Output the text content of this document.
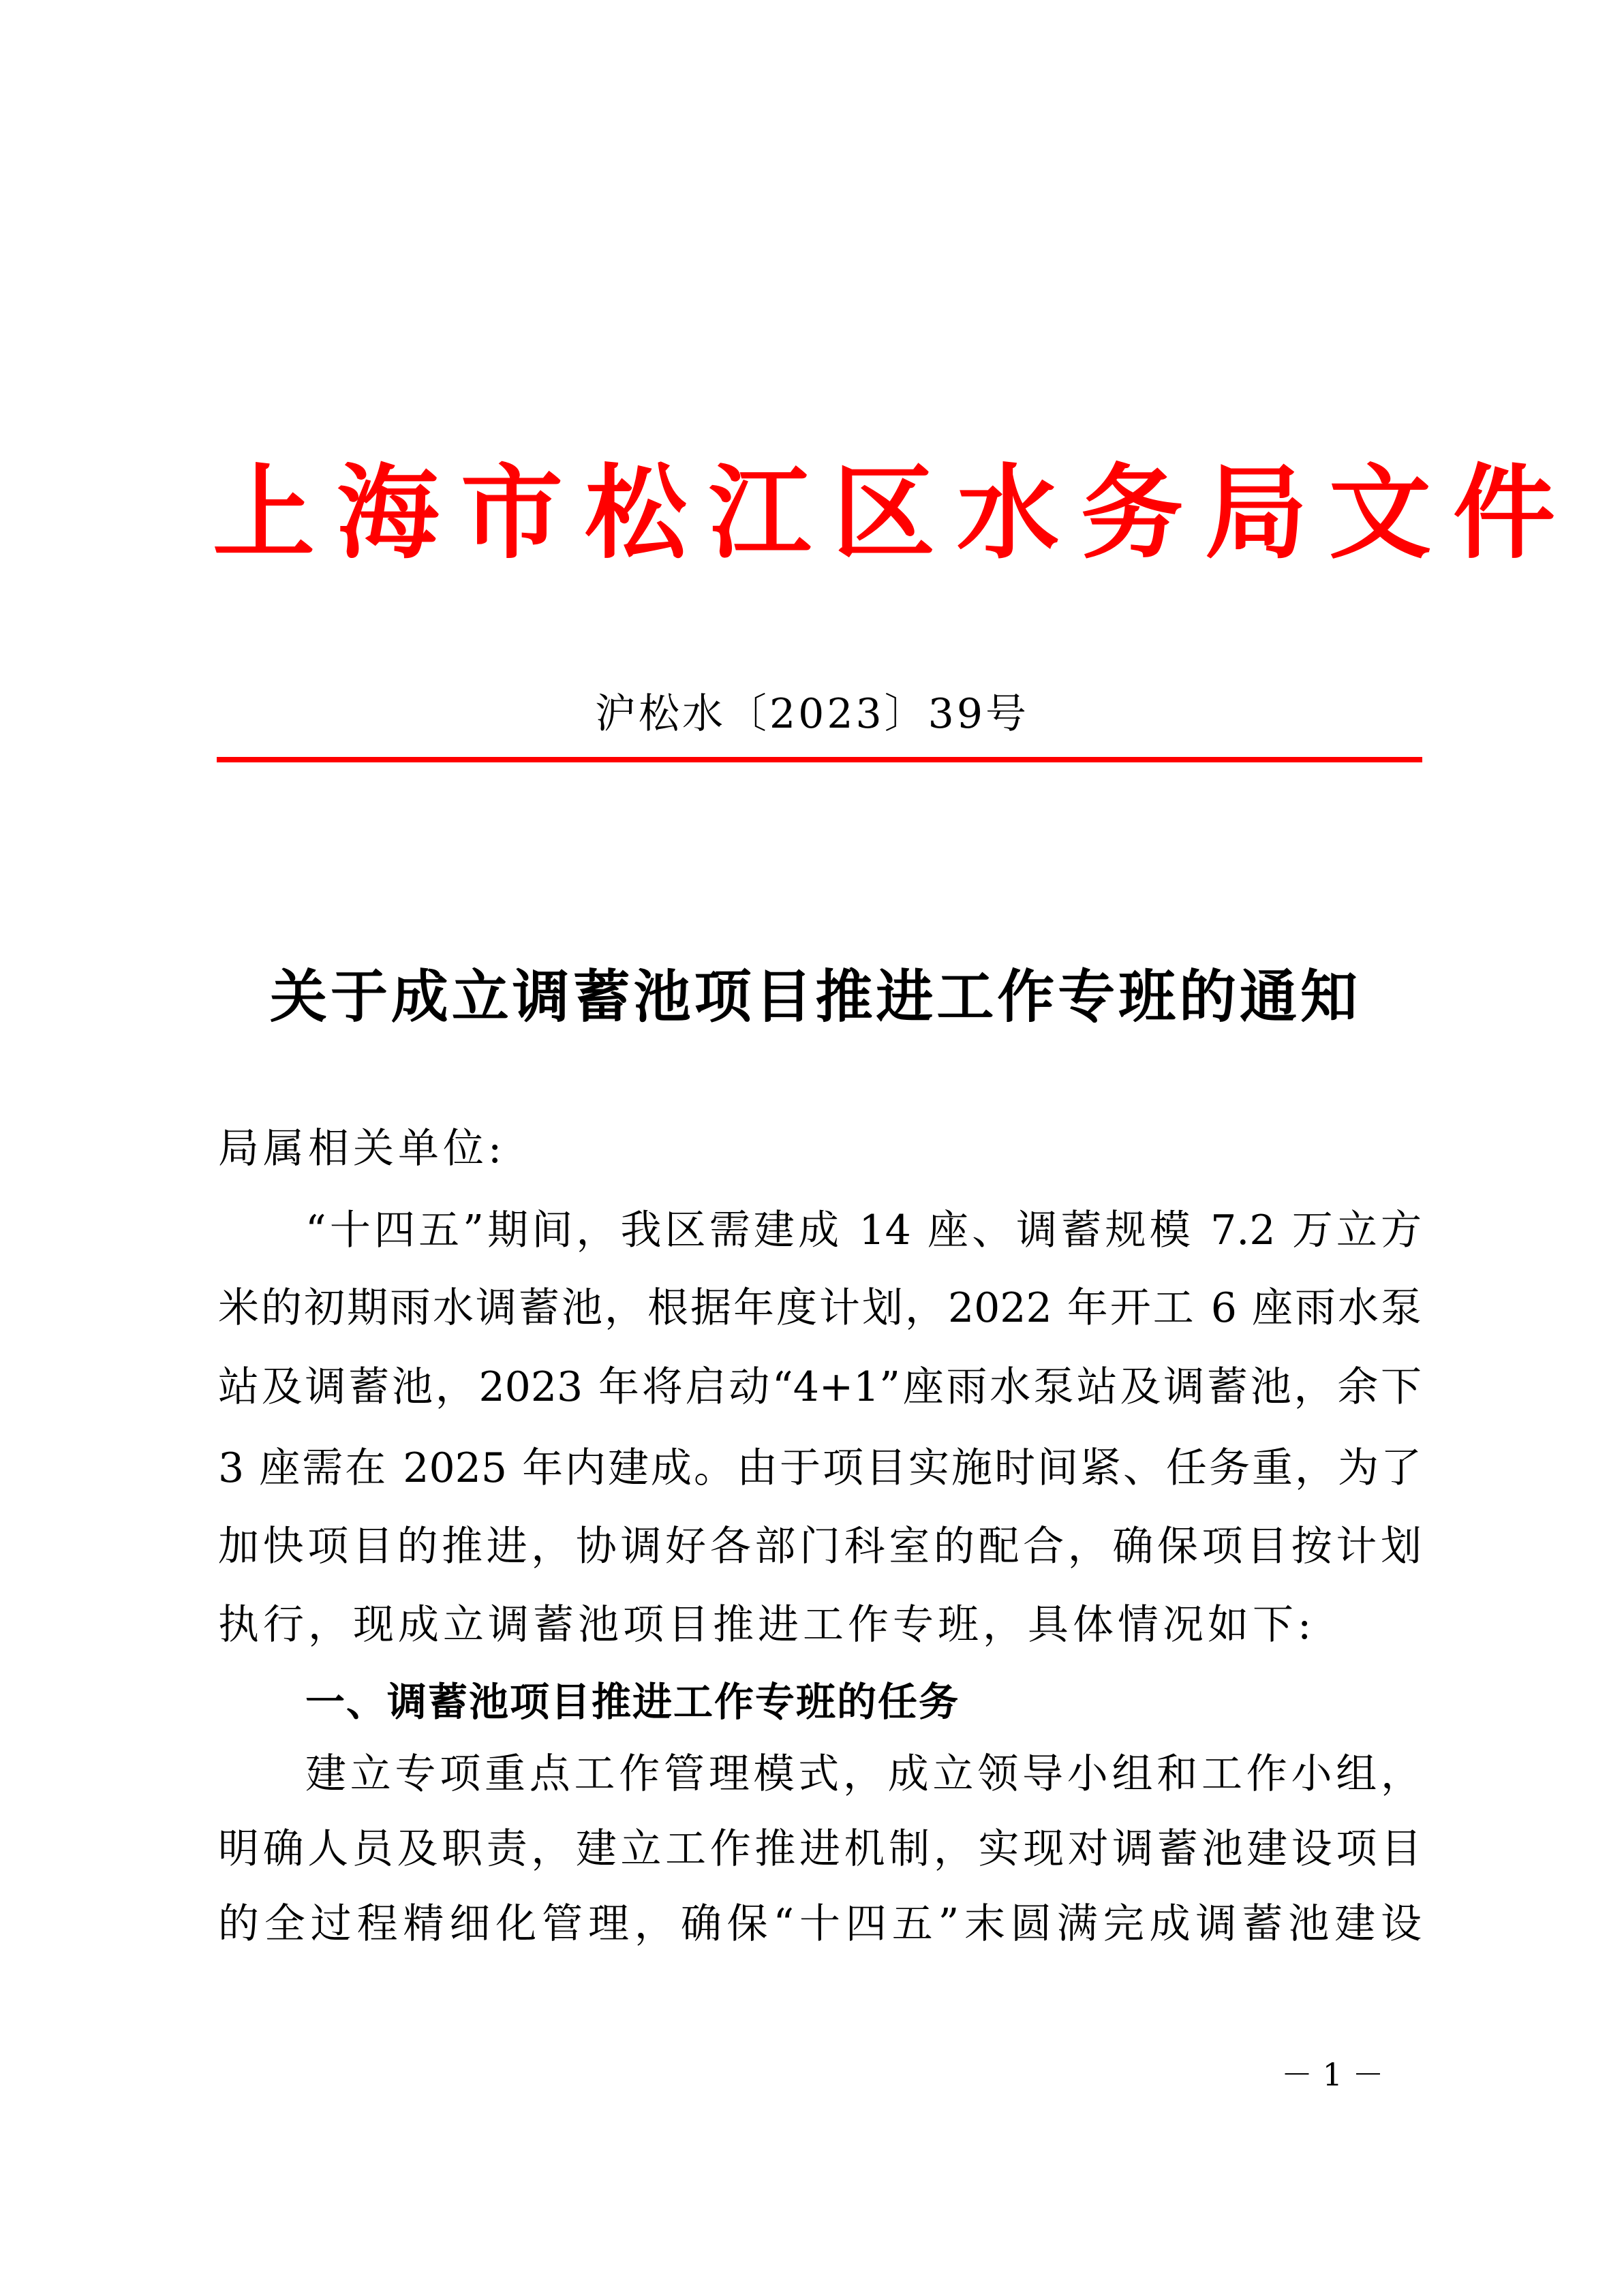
上海市松江区水务局文件
沪松水〔2023〕39号
关于成立调蓄池项目推进工作专班的通知
局属相关单位:
“十四五”期间，我区需建成 14 座、调蓄规模 7.2 万立方
米的初期雨水调蓄池，根据年度计划，2022 年开工 6 座雨水泵
站及调蓄池，2023 年将启动“4+1”座雨水泵站及调蓄池，余下
3 座需在 2025 年内建成。由于项目实施时间紧、任务重，为了
加快项目的推进，协调好各部门科室的配合，确保项目按计划
执行，现成立调蓄池项目推进工作专班，具体情况如下:
一、调蓄池项目推进工作专班的任务
建立专项重点工作管理模式，成立领导小组和工作小组，
明确人员及职责，建立工作推进机制，实现对调蓄池建设项目
的全过程精细化管理，确保“十四五”末圆满完成调蓄池建设
－ 1 －
